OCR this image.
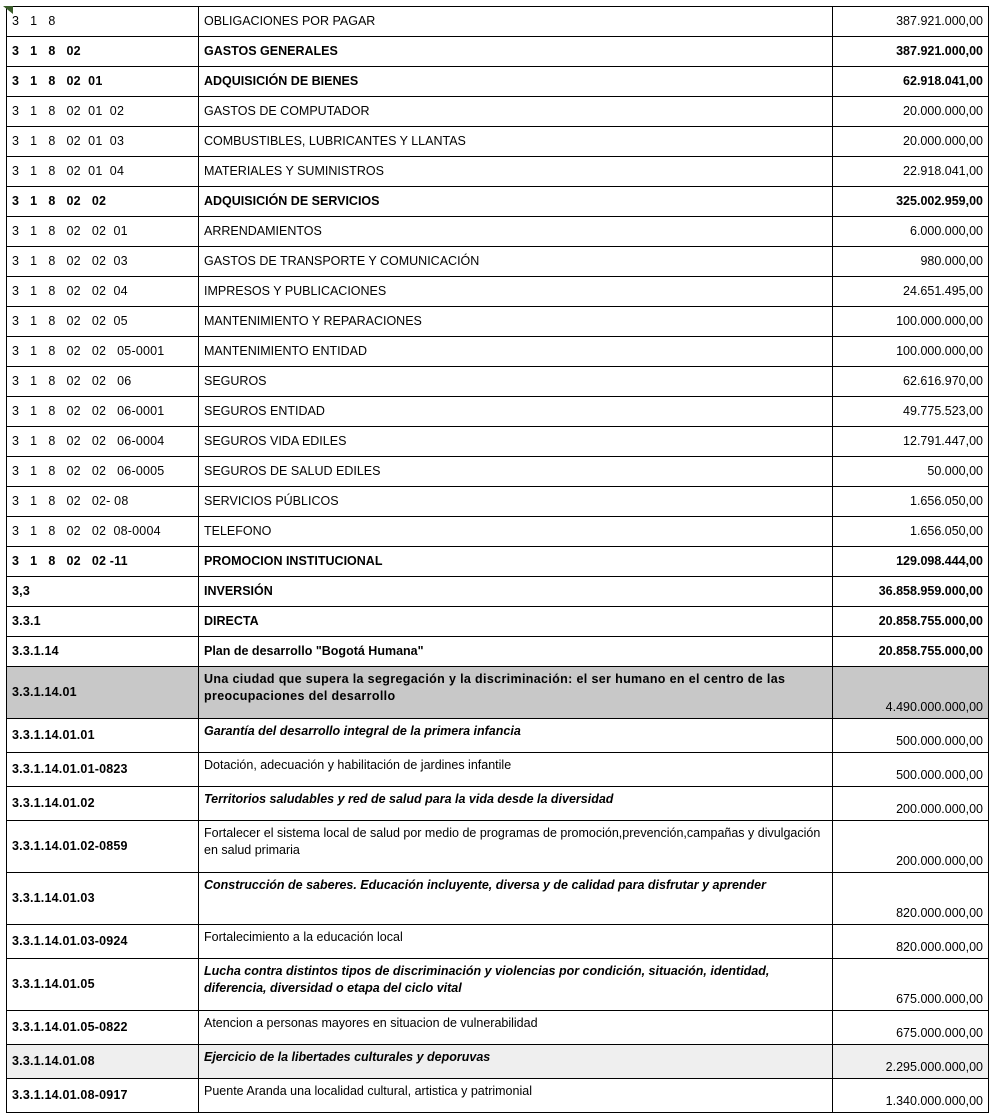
3   1   8	OBLIGACIONES POR PAGAR	387.921.000,00
3   1   8   02	GASTOS GENERALES	387.921.000,00
3   1   8   02  01	ADQUISICIÓN DE BIENES	62.918.041,00
3   1   8   02  01  02	GASTOS DE COMPUTADOR	20.000.000,00
3   1   8   02  01  03	COMBUSTIBLES, LUBRICANTES Y LLANTAS	20.000.000,00
3   1   8   02  01  04	MATERIALES Y SUMINISTROS	22.918.041,00
3   1   8   02   02	ADQUISICIÓN DE SERVICIOS	325.002.959,00
3   1   8   02   02  01	ARRENDAMIENTOS	6.000.000,00
3   1   8   02   02  03	GASTOS DE TRANSPORTE Y COMUNICACIÓN	980.000,00
3   1   8   02   02  04	IMPRESOS Y PUBLICACIONES	24.651.495,00
3   1   8   02   02  05	MANTENIMIENTO Y REPARACIONES	100.000.000,00
3   1   8   02   02   05-0001	MANTENIMIENTO ENTIDAD	100.000.000,00
3   1   8   02   02   06	SEGUROS	62.616.970,00
3   1   8   02   02   06-0001	SEGUROS ENTIDAD	49.775.523,00
3   1   8   02   02   06-0004	SEGUROS VIDA EDILES	12.791.447,00
3   1   8   02   02   06-0005	SEGUROS DE SALUD EDILES	50.000,00
3   1   8   02   02- 08	SERVICIOS PÚBLICOS	1.656.050,00
3   1   8   02   02  08-0004	TELEFONO	1.656.050,00
3   1   8   02   02 -11	PROMOCION INSTITUCIONAL	129.098.444,00
3,3	INVERSIÓN	36.858.959.000,00
3.3.1	DIRECTA	20.858.755.000,00
3.3.1.14	Plan de desarrollo "Bogotá Humana"	20.858.755.000,00
3.3.1.14.01	Una ciudad que supera la segregación y la discriminación: el ser humano en el centro de las preocupaciones del desarrollo	4.490.000.000,00
3.3.1.14.01.01	Garantía del desarrollo integral de la primera infancia	500.000.000,00
3.3.1.14.01.01-0823	Dotación, adecuación y habilitación de jardines infantile	500.000.000,00
3.3.1.14.01.02	Territorios saludables y red de salud para la vida desde la diversidad	200.000.000,00
3.3.1.14.01.02-0859	Fortalecer el sistema local de salud por medio de programas de promoción,prevención,campañas y divulgación en salud primaria	200.000.000,00
3.3.1.14.01.03	Construcción de saberes. Educación incluyente, diversa y de calidad para disfrutar y aprender	820.000.000,00
3.3.1.14.01.03-0924	Fortalecimiento a la educación local	820.000.000,00
3.3.1.14.01.05	Lucha contra distintos tipos de discriminación y violencias por condición, situación, identidad, diferencia, diversidad o etapa del ciclo vital	675.000.000,00
3.3.1.14.01.05-0822	Atencion a personas mayores en situacion de vulnerabilidad	675.000.000,00
3.3.1.14.01.08	Ejercicio de la libertades culturales y deporuvas	2.295.000.000,00
3.3.1.14.01.08-0917	Puente Aranda una localidad cultural, artistica y patrimonial	1.340.000.000,00
